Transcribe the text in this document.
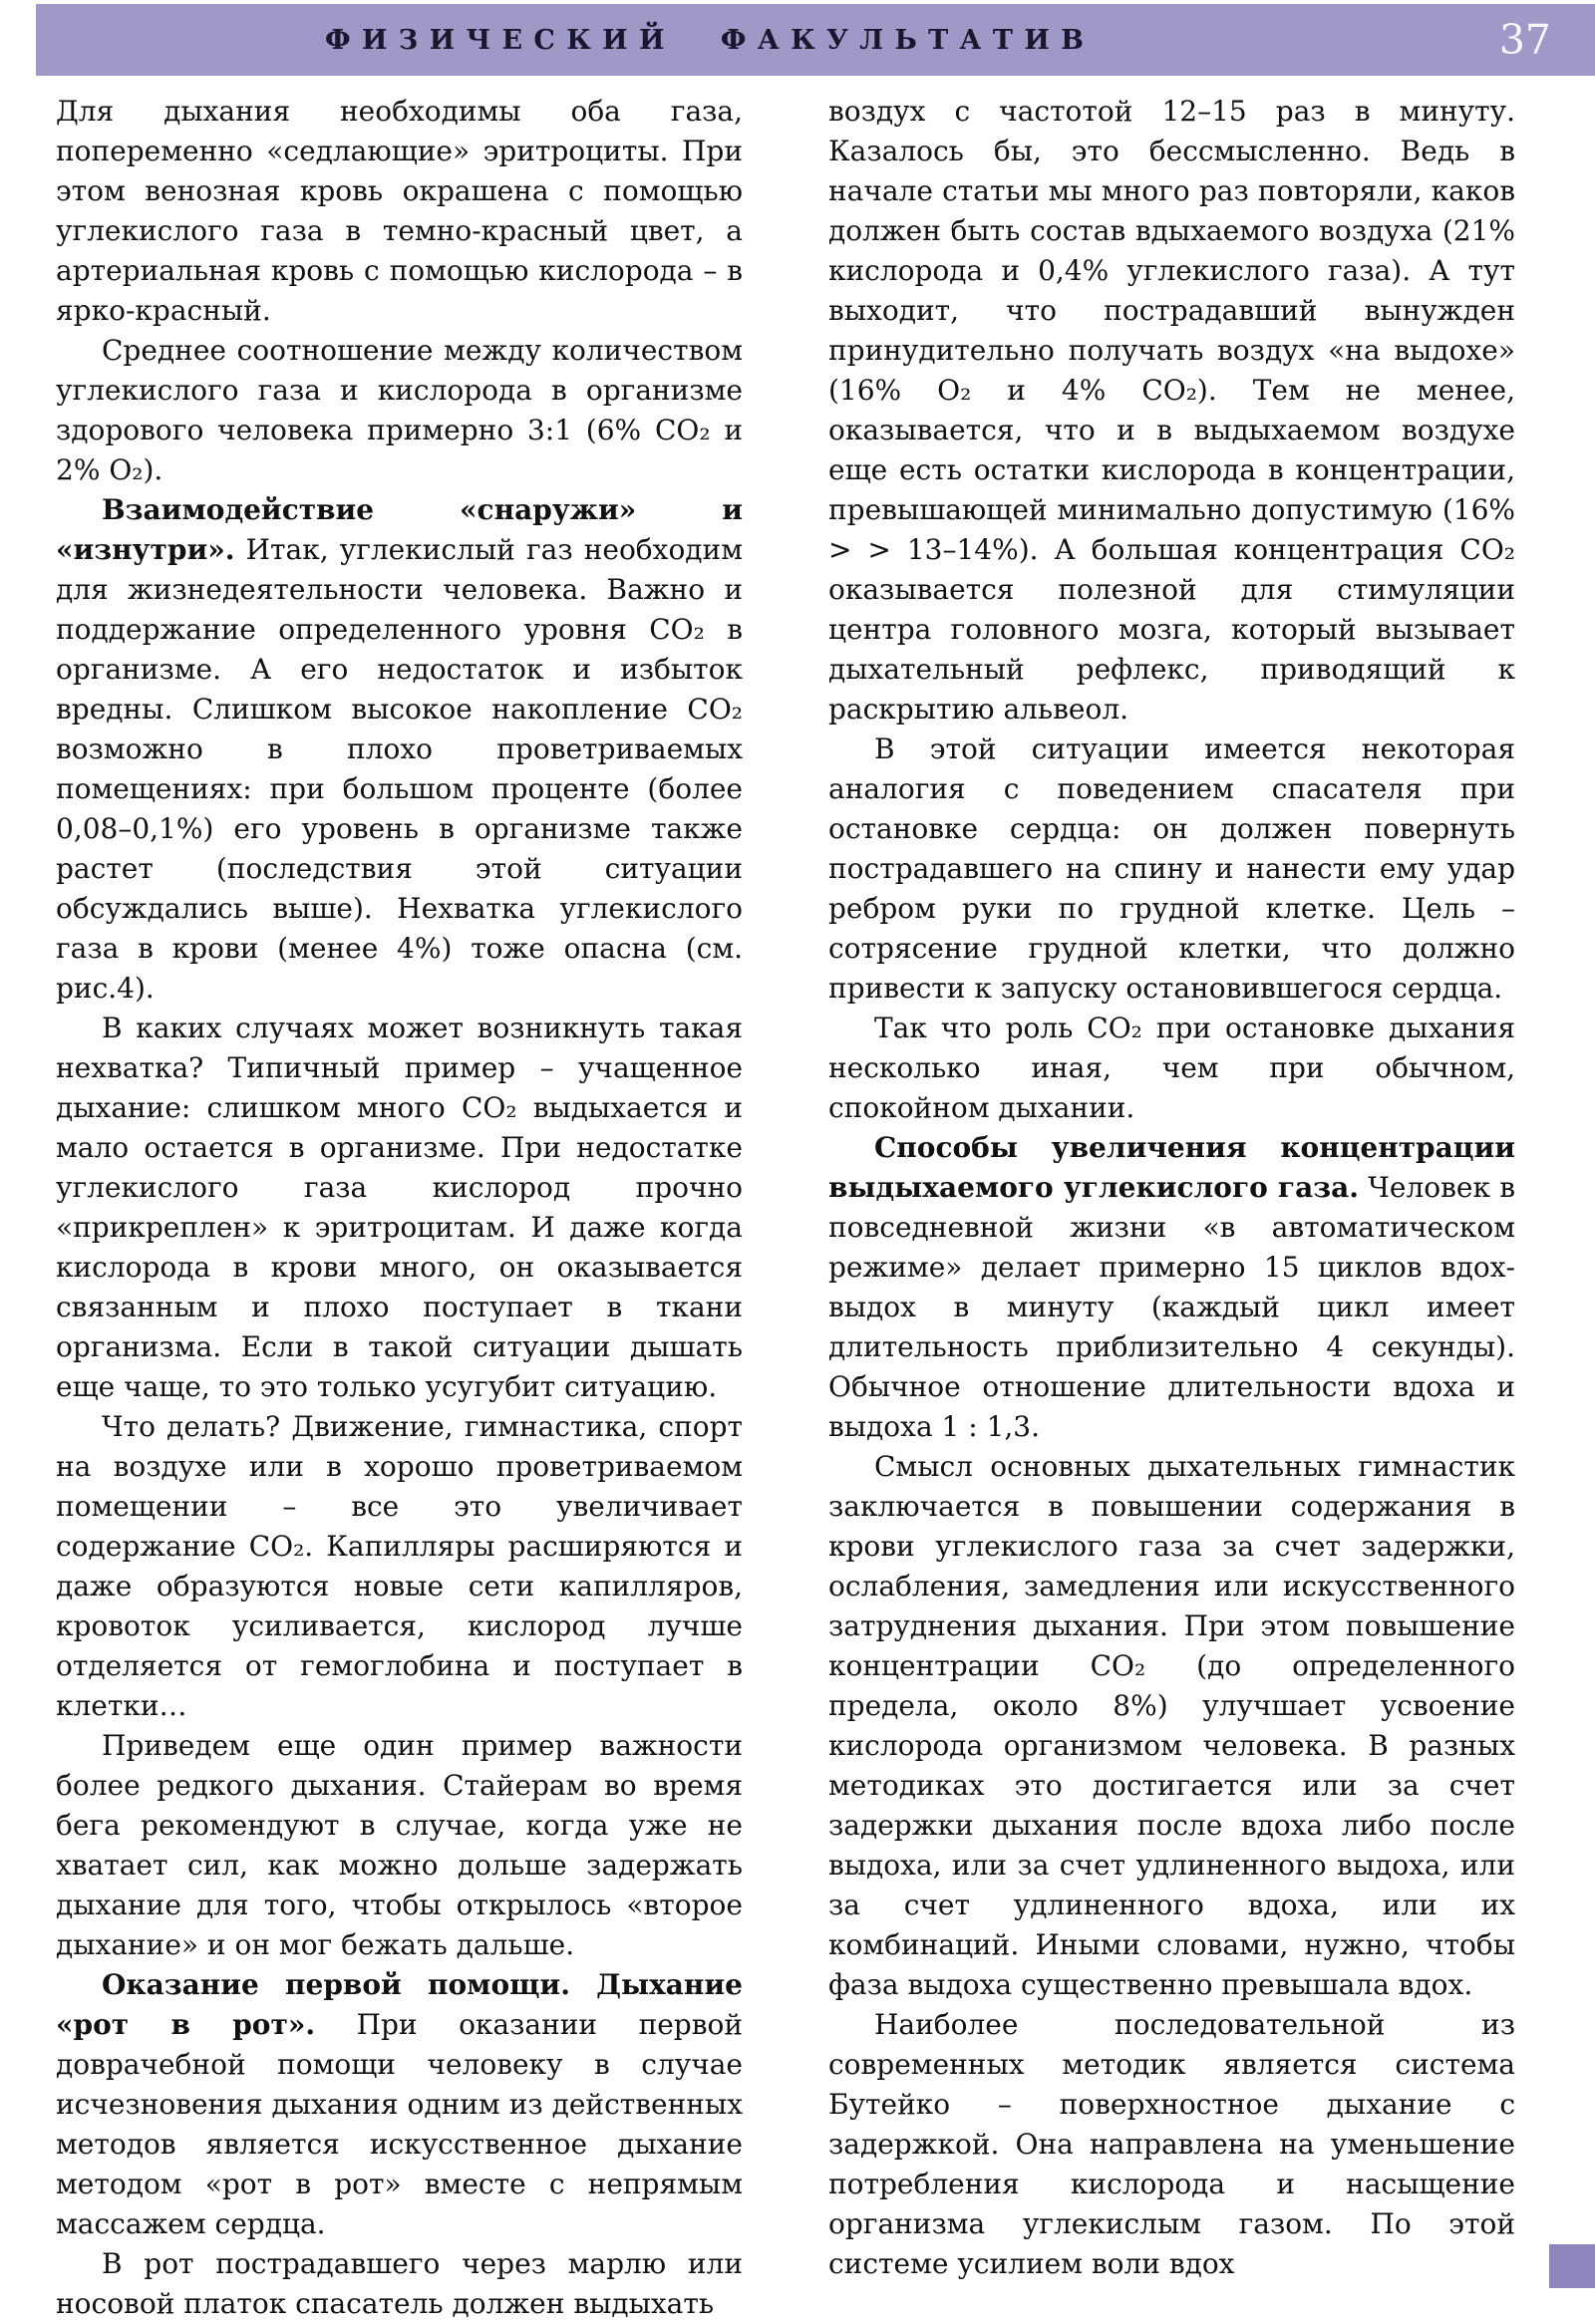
ФИЗИЧЕСКИЙ ФАКУЛЬТАТИВ	37

Для дыхания необходимы оба газа, попеременно «седлающие» эритроциты. При этом венозная кровь окрашена с помощью углекислого газа в темно-красный цвет, а артериальная кровь с помощью кислорода – в ярко-красный.

Среднее соотношение между количеством углекислого газа и кислорода в организме здорового человека примерно 3:1 (6% CO₂ и 2% O₂).

Взаимодействие «снаружи» и «изнутри». Итак, углекислый газ необходим для жизнедеятельности человека. Важно и поддержание определенного уровня CO₂ в организме. А его недостаток и избыток вредны. Слишком высокое накопление CO₂ возможно в плохо проветриваемых помещениях: при большом проценте (более 0,08–0,1%) его уровень в организме также растет (последствия этой ситуации обсуждались выше). Нехватка углекислого газа в крови (менее 4%) тоже опасна (см. рис.4).

В каких случаях может возникнуть такая нехватка? Типичный пример – учащенное дыхание: слишком много CO₂ выдыхается и мало остается в организме. При недостатке углекислого газа кислород прочно «прикреплен» к эритроцитам. И даже когда кислорода в крови много, он оказывается связанным и плохо поступает в ткани организма. Если в такой ситуации дышать еще чаще, то это только усугубит ситуацию.

Что делать? Движение, гимнастика, спорт на воздухе или в хорошо проветриваемом помещении – все это увеличивает содержание CO₂. Капилляры расширяются и даже образуются новые сети капилляров, кровоток усиливается, кислород лучше отделяется от гемоглобина и поступает в клетки…

Приведем еще один пример важности более редкого дыхания. Стайерам во время бега рекомендуют в случае, когда уже не хватает сил, как можно дольше задержать дыхание для того, чтобы открылось «второе дыхание» и он мог бежать дальше.

Оказание первой помощи. Дыхание «рот в рот». При оказании первой доврачебной помощи человеку в случае исчезновения дыхания одним из действенных методов является искусственное дыхание методом «рот в рот» вместе с непрямым массажем сердца.

В рот пострадавшего через марлю или носовой платок спасатель должен выдыхать

воздух с частотой 12–15 раз в минуту. Казалось бы, это бессмысленно. Ведь в начале статьи мы много раз повторяли, каков должен быть состав вдыхаемого воздуха (21% кислорода и 0,4% углекислого газа). А тут выходит, что пострадавший вынужден принудительно получать воздух «на выдохе» (16% O₂ и 4% CO₂). Тем не менее, оказывается, что и в выдыхаемом воздухе еще есть остатки кислорода в концентрации, превышающей минимально допустимую (16% > > 13–14%). А большая концентрация CO₂ оказывается полезной для стимуляции центра головного мозга, который вызывает дыхательный рефлекс, приводящий к раскрытию альвеол.

В этой ситуации имеется некоторая аналогия с поведением спасателя при остановке сердца: он должен повернуть пострадавшего на спину и нанести ему удар ребром руки по грудной клетке. Цель – сотрясение грудной клетки, что должно привести к запуску остановившегося сердца.

Так что роль CO₂ при остановке дыхания несколько иная, чем при обычном, спокойном дыхании.

Способы увеличения концентрации выдыхаемого углекислого газа. Человек в повседневной жизни «в автоматическом режиме» делает примерно 15 циклов вдох-выдох в минуту (каждый цикл имеет длительность приблизительно 4 секунды). Обычное отношение длительности вдоха и выдоха 1 : 1,3.

Смысл основных дыхательных гимнастик заключается в повышении содержания в крови углекислого газа за счет задержки, ослабления, замедления или искусственного затруднения дыхания. При этом повышение концентрации CO₂ (до определенного предела, около 8%) улучшает усвоение кислорода организмом человека. В разных методиках это достигается или за счет задержки дыхания после вдоха либо после выдоха, или за счет удлиненного выдоха, или за счет удлиненного вдоха, или их комбинаций. Иными словами, нужно, чтобы фаза выдоха существенно превышала вдох.

Наиболее последовательной из современных методик является система Бутейко – поверхностное дыхание с задержкой. Она направлена на уменьшение потребления кислорода и насыщение организма углекислым газом. По этой системе усилием воли вдох
